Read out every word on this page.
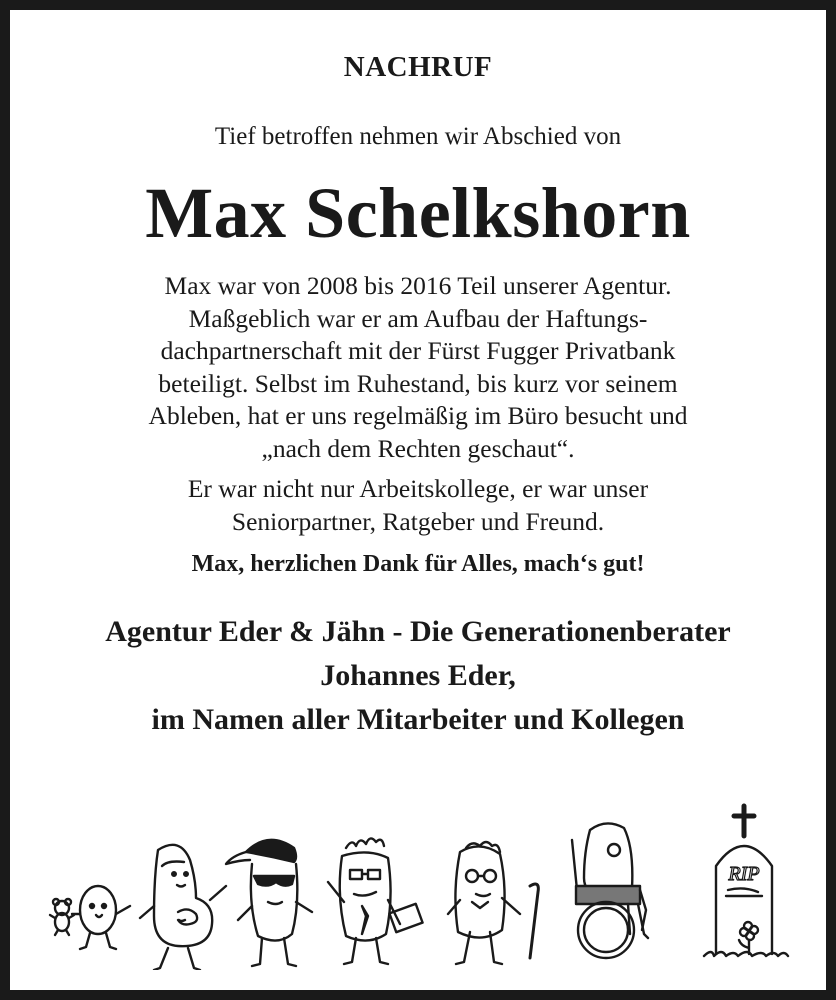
NACHRUF
Tief betroffen nehmen wir Abschied von
Max Schelkshorn
Max war von 2008 bis 2016 Teil unserer Agentur.
Maßgeblich war er am Aufbau der Haftungs-
dachpartnerschaft mit der Fürst Fugger Privatbank
beteiligt. Selbst im Ruhestand, bis kurz vor seinem
Ableben, hat er uns regelmäßig im Büro besucht und
„nach dem Rechten geschaut“.
Er war nicht nur Arbeitskollege, er war unser
Seniorpartner, Ratgeber und Freund.
Max, herzlichen Dank für Alles, mach‘s gut!
Agentur Eder & Jähn - Die Generationenberater
Johannes Eder,
im Namen aller Mitarbeiter und Kollegen
RIP
